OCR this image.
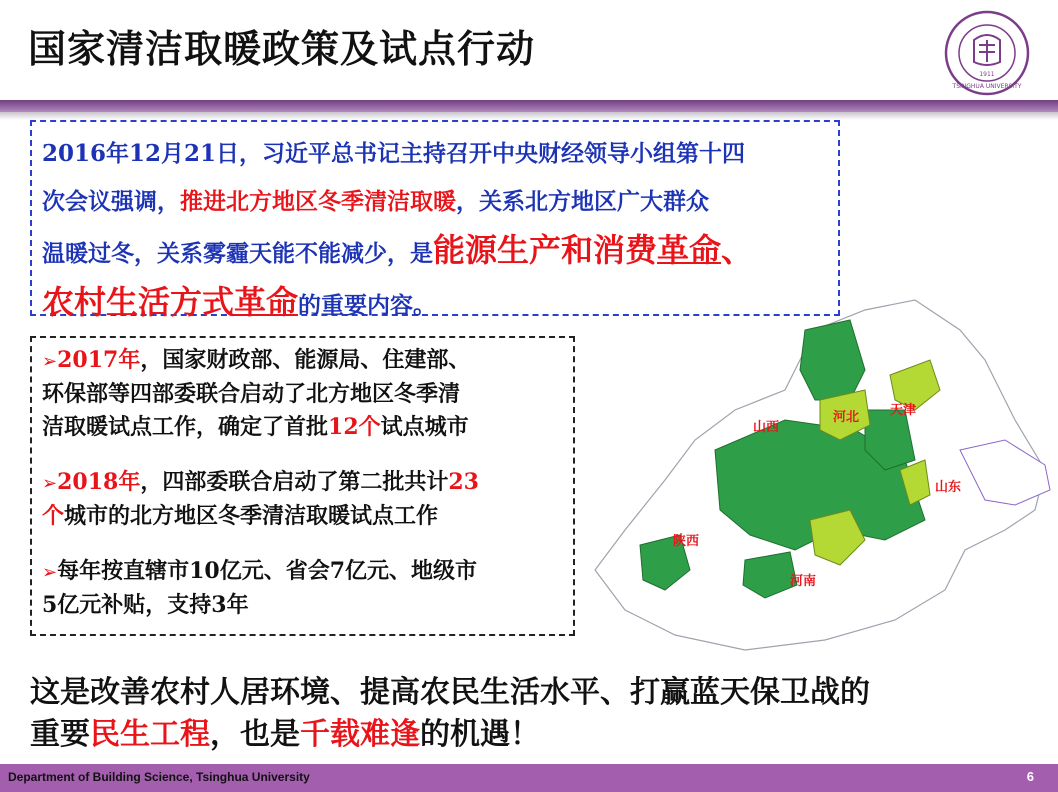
国家清洁取暖政策及试点行动
TSINGHUA UNIVERSITY
1911
2016年12月21日，习近平总书记主持召开中央财经领导小组第十四
次会议强调，推进北方地区冬季清洁取暖，关系北方地区广大群众
温暖过冬，关系雾霾天能不能减少，是能源生产和消费革命、
农村生活方式革命的重要内容。
➢2017年，国家财政部、能源局、住建部、
环保部等四部委联合启动了北方地区冬季清
洁取暖试点工作，确定了首批12个试点城市
➢2018年，四部委联合启动了第二批共计23
个城市的北方地区冬季清洁取暖试点工作
➢每年按直辖市10亿元、省会7亿元、地级市
5亿元补贴，支持3年
山西
河北 天津
山东
陕西
河南
这是改善农村人居环境、提高农民生活水平、打赢蓝天保卫战的
重要民生工程，也是千载难逢的机遇！
Department of Building Science, Tsinghua University	6
